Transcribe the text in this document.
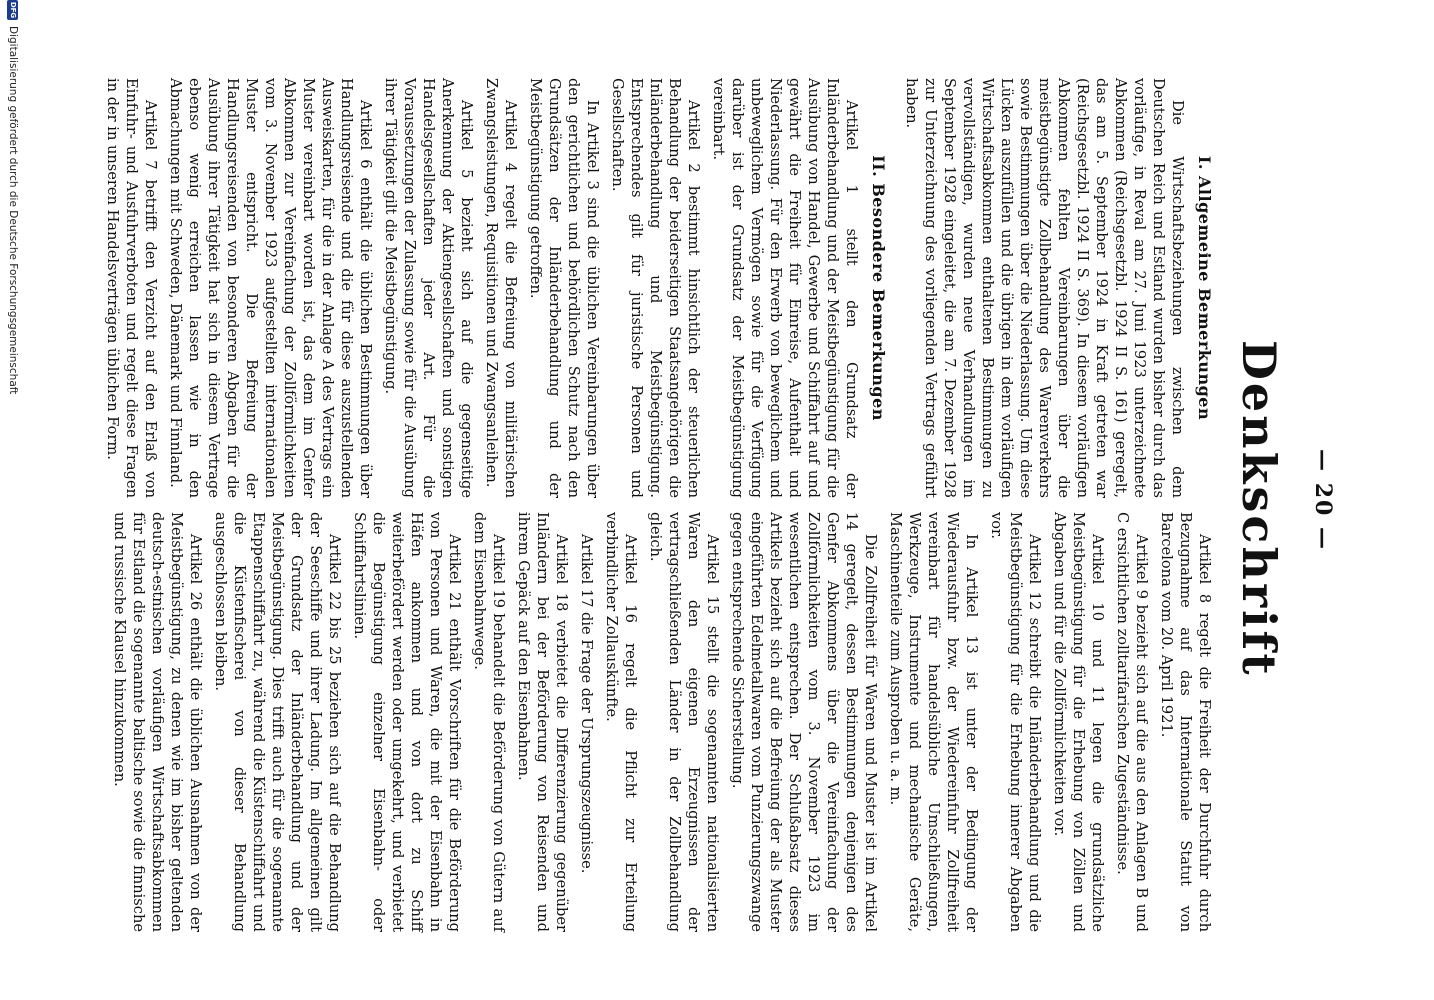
— 20 —
Denkschrift
I. Allgemeine Bemerkungen

Die Wirtschaftsbeziehungen zwischen dem Deutschen Reich und Estland wurden bisher durch das vorläufige, in Reval am 27. Juni 1923 unterzeichnete Abkommen (Reichsgesetzbl. 1924 II S. 161) geregelt, das am 5. September 1924 in Kraft getreten war (Reichsgesetzbl. 1924 II S. 369). In diesem vorläufigen Abkommen fehlten Vereinbarungen über die meistbegünstigte Zollbehandlung des Warenverkehrs sowie Bestimmungen über die Niederlassung. Um diese Lücken auszufüllen und die übrigen in dem vorläufigen Wirtschaftsabkommen enthaltenen Bestimmungen zu vervollständigen, wurden neue Verhandlungen im September 1928 eingeleitet, die am 7. Dezember 1928 zur Unterzeichnung des vorliegenden Vertrags geführt haben.

II. Besondere Bemerkungen

Artikel 1 stellt den Grundsatz der Inländerbehandlung und der Meistbegünstigung für die Ausübung von Handel, Gewerbe und Schiffahrt auf und gewährt die Freiheit für Einreise, Aufenthalt und Niederlassung. Für den Erwerb von beweglichem und unbeweglichem Vermögen sowie für die Verfügung darüber ist der Grundsatz der Meistbegünstigung vereinbart.

Artikel 2 bestimmt hinsichtlich der steuerlichen Behandlung der beiderseitigen Staatsangehörigen die Inländerbehandlung und Meistbegünstigung. Entsprechendes gilt für juristische Personen und Gesellschaften.

In Artikel 3 sind die üblichen Vereinbarungen über den gerichtlichen und behördlichen Schutz nach den Grundsätzen der Inländerbehandlung und der Meistbegünstigung getroffen.

Artikel 4 regelt die Befreiung von militärischen Zwangsleistungen, Requisitionen und Zwangsanleihen.

Artikel 5 bezieht sich auf die gegenseitige Anerkennung der Aktiengesellschaften und sonstigen Handelsgesellschaften jeder Art. Für die Voraussetzungen der Zulassung sowie für die Ausübung ihrer Tätigkeit gilt die Meistbegünstigung.

Artikel 6 enthält die üblichen Bestimmungen über Handlungsreisende und die für diese auszustellenden Ausweiskarten, für die in der Anlage A des Vertrags ein Muster vereinbart worden ist, das dem im Genfer Abkommen zur Vereinfachung der Zollförmlichkeiten vom 3. November 1923 aufgestellten internationalen Muster entspricht. Die Befreiung der Handlungsreisenden von besonderen Abgaben für die Ausübung ihrer Tätigkeit hat sich in diesem Vertrage ebenso wenig erreichen lassen wie in den Abmachungen mit Schweden, Dänemark und Finnland.

Artikel 7 betrifft den Verzicht auf den Erlaß von Einfuhr- und Ausfuhrverboten und regelt diese Fragen in der in unseren Handelsverträgen üblichen Form.

Artikel 8 regelt die Freiheit der Durchfuhr durch Bezugnahme auf das Internationale Statut von Barcelona vom 20. April 1921.

Artikel 9 bezieht sich auf die aus den Anlagen B und C ersichtlichen zolltarifarischen Zugeständnisse.

Artikel 10 und 11 legen die grundsätzliche Meistbegünstigung für die Erhebung von Zöllen und Abgaben und für die Zollförmlichkeiten vor.

Artikel 12 schreibt die Inländerbehandlung und die Meistbegünstigung für die Erhebung innerer Abgaben vor.

In Artikel 13 ist unter der Bedingung der Wiederausfuhr bzw. der Wiedereinfuhr Zollfreiheit vereinbart für handelsübliche Umschließungen, Werkzeuge, Instrumente und mechanische Geräte, Maschinenteile zum Ausproben u. a. m.

Die Zollfreiheit für Waren und Muster ist im Artikel 14 geregelt, dessen Bestimmungen denjenigen des Genfer Abkommens über die Vereinfachung der Zollförmlichkeiten vom 3. November 1923 im wesentlichen entsprechen. Der Schlußabsatz dieses Artikels bezieht sich auf die Befreiung der als Muster eingeführten Edelmetallwaren vom Punzierungszwange gegen entsprechende Sicherstellung.

Artikel 15 stellt die sogenannten nationalisierten Waren den eigenen Erzeugnissen der vertragschließenden Länder in der Zollbehandlung gleich.

Artikel 16 regelt die Pflicht zur Erteilung verbindlicher Zollauskünfte.

Artikel 17 die Frage der Ursprungszeugnisse.

Artikel 18 verbietet die Differenzierung gegenüber Inländern bei der Beförderung von Reisenden und ihrem Gepäck auf den Eisenbahnen.

Artikel 19 behandelt die Beförderung von Gütern auf dem Eisenbahnwege.

Artikel 21 enthält Vorschriften für die Beförderung von Personen und Waren, die mit der Eisenbahn in Häfen ankommen und von dort zu Schiff weiterbefördert werden oder umgekehrt, und verbietet die Begünstigung einzelner Eisenbahn- oder Schiffahrtslinien.

Artikel 22 bis 25 beziehen sich auf die Behandlung der Seeschiffe und ihrer Ladung. Im allgemeinen gilt der Grundsatz der Inländerbehandlung und der Meistbegünstigung. Dies trifft auch für die sogenannte Etappenschiffahrt zu, während die Küstenschiffahrt und die Küstenfischerei von dieser Behandlung ausgeschlossen bleiben.

Artikel 26 enthält die üblichen Ausnahmen von der Meistbegünstigung, zu denen wie im bisher geltenden deutsch-estnischen vorläufigen Wirtschaftsabkommen für Estland die sogenannte baltische sowie die finnische und russische Klausel hinzukommen.

DFGDigitalisierung gefördert durch die Deutsche Forschungsgemeinschaft
